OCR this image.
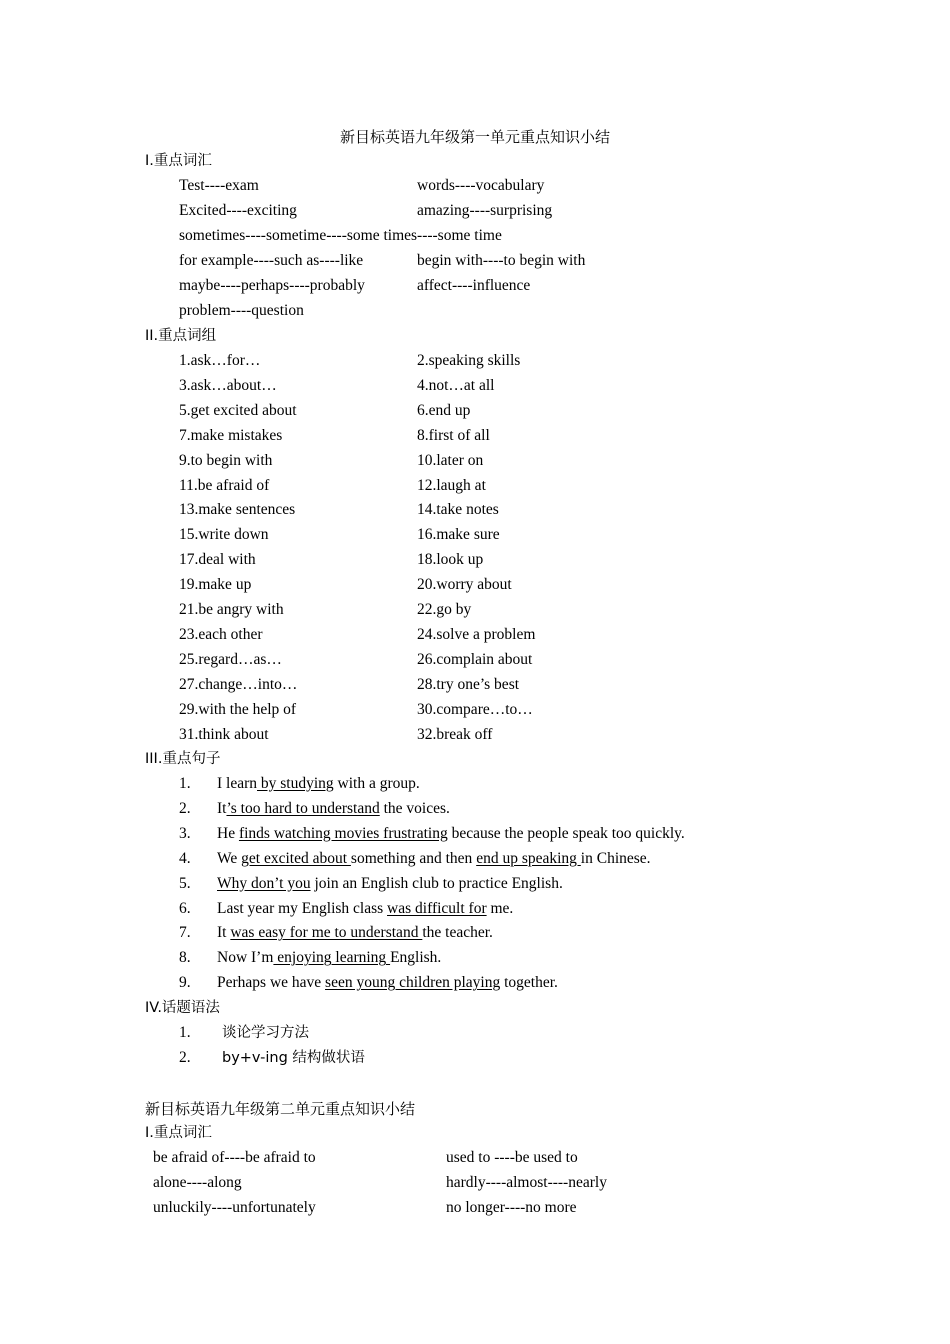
新目标英语九年级第一单元重点知识小结
I.重点词汇
Test----exam	words----vocabulary
Excited----exciting	amazing----surprising
sometimes----sometime----some times----some time
for example----such as----like	begin with----to begin with
maybe----perhaps----probably	affect----influence
problem----question
II.重点词组
1.ask…for…	2.speaking skills
3.ask…about…	4.not…at all
5.get excited about	6.end up
7.make mistakes	8.first of all
9.to begin with	10.later on
11.be afraid of	12.laugh at
13.make sentences	14.take notes
15.write down	16.make sure
17.deal with	18.look up
19.make up	20.worry about
21.be angry with	22.go by
23.each other	24.solve a problem
25.regard…as…	26.complain about
27.change…into…	28.try one’s best
29.with the help of	30.compare…to…
31.think about	32.break off
III.重点句子
1. I learn by studying with a group.
2. It’s too hard to understand the voices.
3. He finds watching movies frustrating because the people speak too quickly.
4. We get excited about something and then end up speaking in Chinese.
5. Why don’t you join an English club to practice English.
6. Last year my English class was difficult for me.
7. It was easy for me to understand the teacher.
8. Now I’m enjoying learning English.
9. Perhaps we have seen young children playing together.
IV.话题语法
1. 谈论学习方法
2. by+v-ing 结构做状语
新目标英语九年级第二单元重点知识小结
I.重点词汇
be afraid of----be afraid to	used to ----be used to
alone----along	hardly----almost----nearly
unluckily----unfortunately	no longer----no more
